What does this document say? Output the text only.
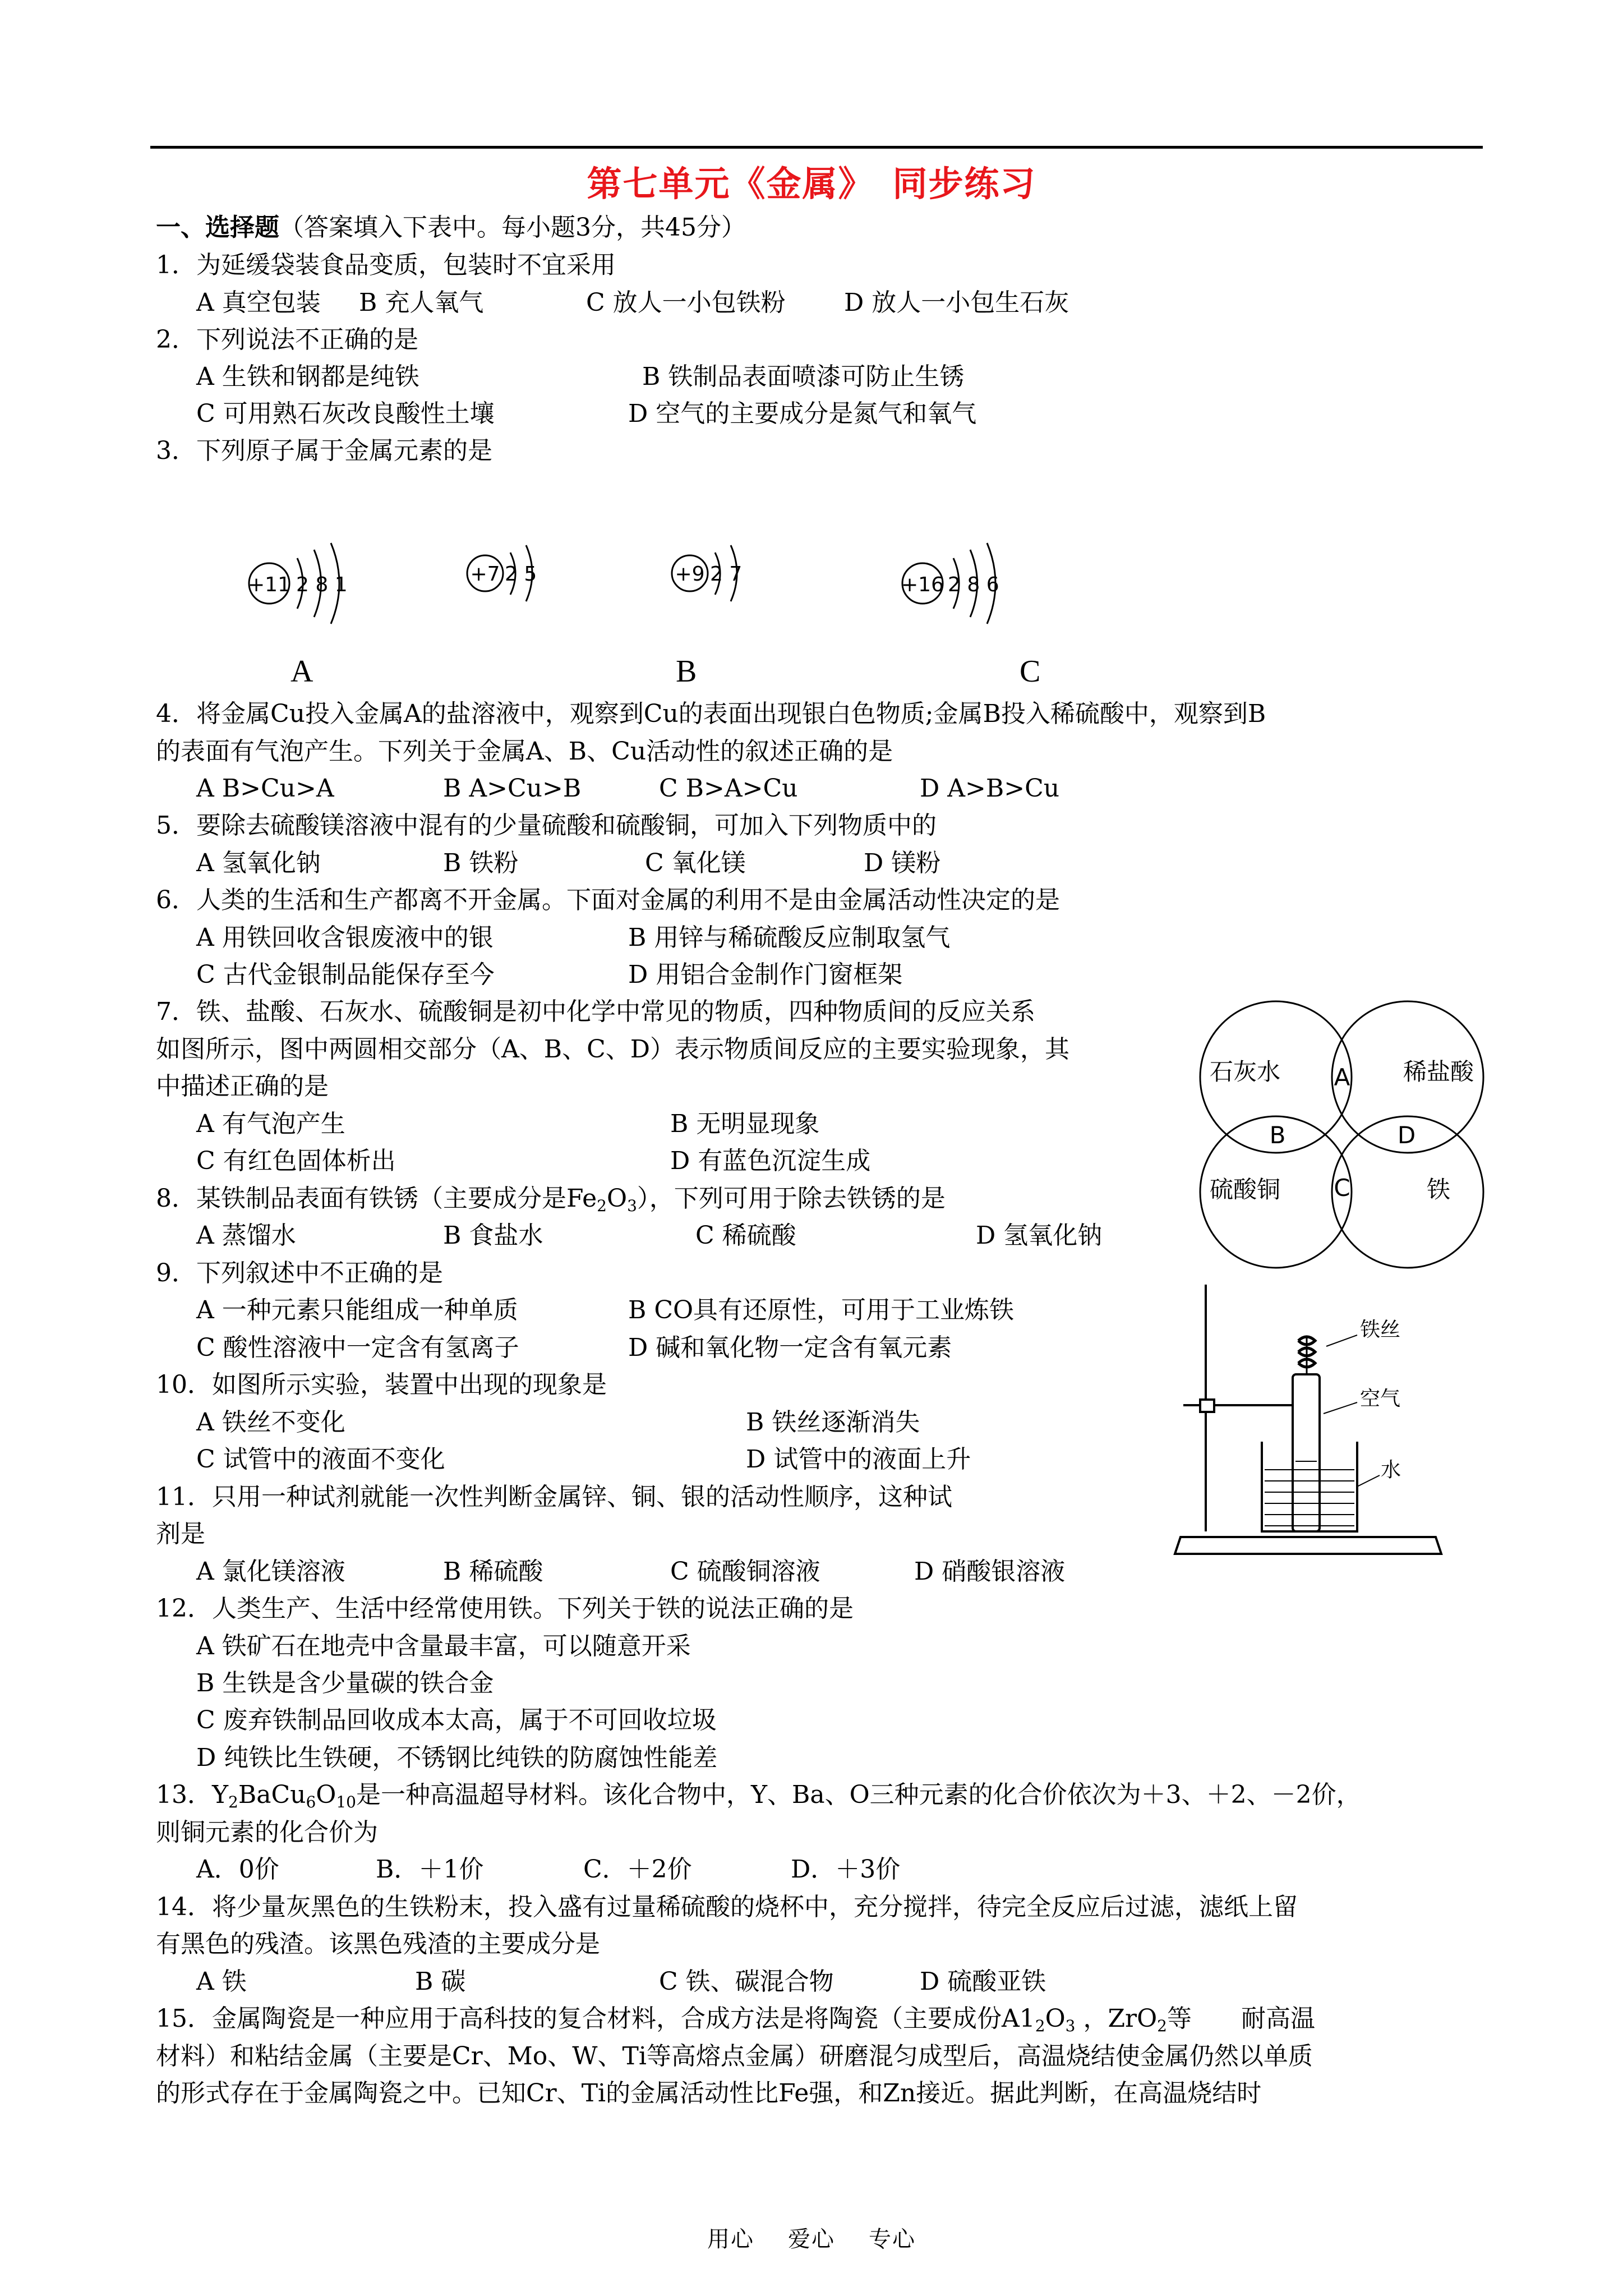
第七单元《金属》　同步练习
一、选择题（答案填入下表中。每小题3分，共45分）
1．为延缓袋装食品变质，包装时不宜采用
A 真空包装 B 充人氧气	C 放人一小包铁粉 D 放人一小包生石灰
2．下列说法不正确的是
A 生铁和钢都是纯铁	B 铁制品表面喷漆可防止生锈
C 可用熟石灰改良酸性土壤	D 空气的主要成分是氮气和氧气
3．下列原子属于金属元素的是
+11 2 8 1	+7 2 5	+9 2 7	+16 2 8 6
A	B	C
4．将金属Cu投入金属A的盐溶液中，观察到Cu的表面出现银白色物质;金属B投入稀硫酸中，观察到B
的表面有气泡产生。下列关于金属A、B、Cu活动性的叙述正确的是
A B>Cu>A	B A>Cu>B	C B>A>Cu	D A>B>Cu
5．要除去硫酸镁溶液中混有的少量硫酸和硫酸铜，可加入下列物质中的
A 氢氧化钠	B 铁粉	C 氧化镁	D 镁粉
6．人类的生活和生产都离不开金属。下面对金属的利用不是由金属活动性决定的是
A 用铁回收含银废液中的银	B 用锌与稀硫酸反应制取氢气
C 古代金银制品能保存至今	D 用铝合金制作门窗框架
7．铁、盐酸、石灰水、硫酸铜是初中化学中常见的物质，四种物质间的反应关系
如图所示，图中两圆相交部分（A、B、C、D）表示物质间反应的主要实验现象，其
中描述正确的是
A 有气泡产生	B 无明显现象
C 有红色固体析出	D 有蓝色沉淀生成
石灰水	稀盐酸
硫酸铜	铁
A
B
C
D
8．某铁制品表面有铁锈（主要成分是$Fe_2O_3$），下列可用于除去铁锈的是
A 蒸馏水	B 食盐水	C 稀硫酸	D 氢氧化钠
9．下列叙述中不正确的是
A 一种元素只能组成一种单质	B CO具有还原性，可用于工业炼铁
C 酸性溶液中一定含有氢离子	D 碱和氧化物一定含有氧元素
10．如图所示实验，装置中出现的现象是
A 铁丝不变化	B 铁丝逐渐消失
C 试管中的液面不变化	D 试管中的液面上升
铁丝
空气
水
11．只用一种试剂就能一次性判断金属锌、铜、银的活动性顺序，这种试
剂是
A 氯化镁溶液	B 稀硫酸	C 硫酸铜溶液	D 硝酸银溶液
12．人类生产、生活中经常使用铁。下列关于铁的说法正确的是
A 铁矿石在地壳中含量最丰富，可以随意开采
B 生铁是含少量碳的铁合金
C 废弃铁制品回收成本太高，属于不可回收垃圾
D 纯铁比生铁硬，不锈钢比纯铁的防腐蚀性能差
13．$Y_2BaCu_6O_{10}$是一种高温超导材料。该化合物中，Y、Ba、O三种元素的化合价依次为＋3、＋2、－2价，
则铜元素的化合价为
A．0价	B．＋1价	C．＋2价	D．＋3价
14．将少量灰黑色的生铁粉末，投入盛有过量稀硫酸的烧杯中，充分搅拌，待完全反应后过滤，滤纸上留
有黑色的残渣。该黑色残渣的主要成分是
A 铁	B 碳	C 铁、碳混合物	D 硫酸亚铁
15．金属陶瓷是一种应用于高科技的复合材料，合成方法是将陶瓷（主要成份$A1_2O_3$ ，ZrO$_2$等　　耐高温
材料）和粘结金属（主要是Cr、Mo、W、Ti等高熔点金属）研磨混匀成型后，高温烧结使金属仍然以单质
的形式存在于金属陶瓷之中。已知Cr、Ti的金属活动性比Fe强，和Zn接近。据此判断，在高温烧结时
用心 爱心 专心
